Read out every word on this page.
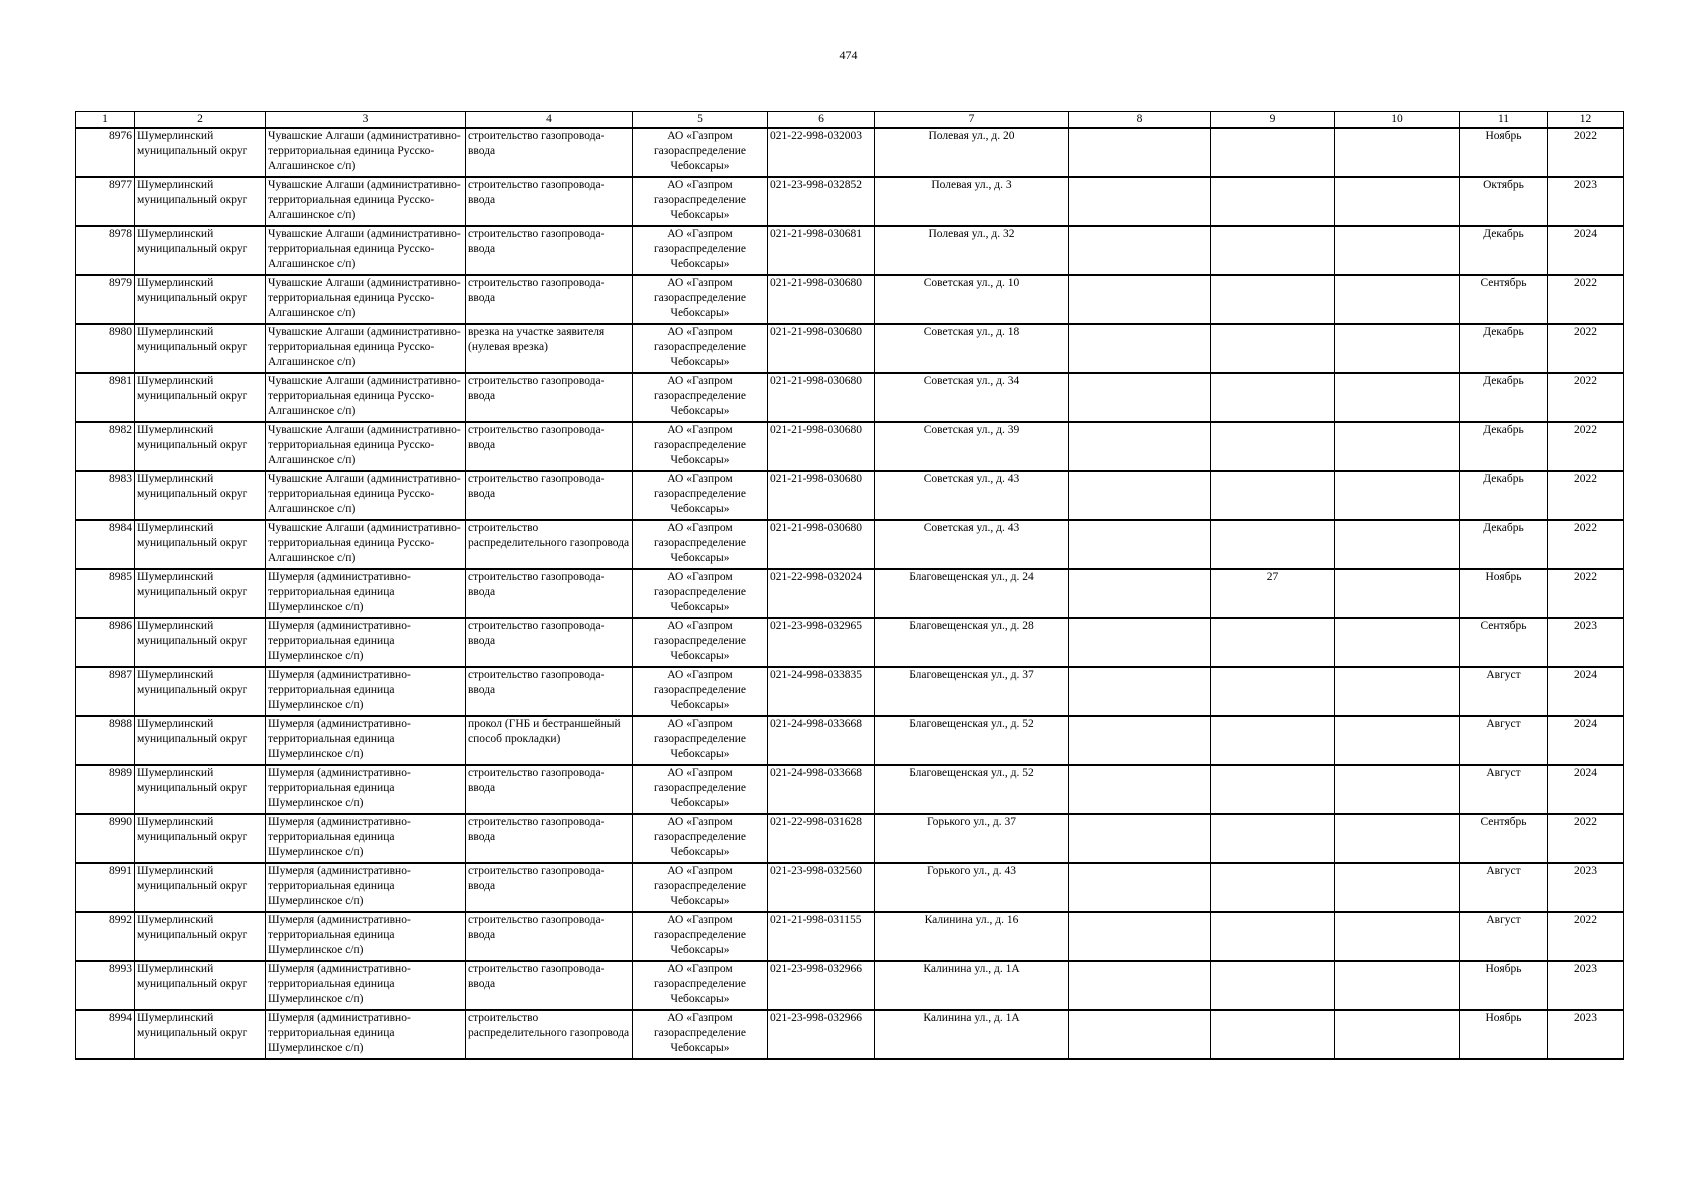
474
1	2	3	4	5	6	7	8	9	10	11	12
8976	Шумерлинский муниципальный округ	Чувашские Алгаши (административно-территориальная единица Русско-Алгашинское с/п)	строительство газопровода-ввода	АО «Газпром газораспределение Чебоксары»	021-22-998-032003	Полевая ул., д. 20				Ноябрь	2022
8977	Шумерлинский муниципальный округ	Чувашские Алгаши (административно-территориальная единица Русско-Алгашинское с/п)	строительство газопровода-ввода	АО «Газпром газораспределение Чебоксары»	021-23-998-032852	Полевая ул., д. 3				Октябрь	2023
8978	Шумерлинский муниципальный округ	Чувашские Алгаши (административно-территориальная единица Русско-Алгашинское с/п)	строительство газопровода-ввода	АО «Газпром газораспределение Чебоксары»	021-21-998-030681	Полевая ул., д. 32				Декабрь	2024
8979	Шумерлинский муниципальный округ	Чувашские Алгаши (административно-территориальная единица Русско-Алгашинское с/п)	строительство газопровода-ввода	АО «Газпром газораспределение Чебоксары»	021-21-998-030680	Советская ул., д. 10				Сентябрь	2022
8980	Шумерлинский муниципальный округ	Чувашские Алгаши (административно-территориальная единица Русско-Алгашинское с/п)	врезка на участке заявителя (нулевая врезка)	АО «Газпром газораспределение Чебоксары»	021-21-998-030680	Советская ул., д. 18				Декабрь	2022
8981	Шумерлинский муниципальный округ	Чувашские Алгаши (административно-территориальная единица Русско-Алгашинское с/п)	строительство газопровода-ввода	АО «Газпром газораспределение Чебоксары»	021-21-998-030680	Советская ул., д. 34				Декабрь	2022
8982	Шумерлинский муниципальный округ	Чувашские Алгаши (административно-территориальная единица Русско-Алгашинское с/п)	строительство газопровода-ввода	АО «Газпром газораспределение Чебоксары»	021-21-998-030680	Советская ул., д. 39				Декабрь	2022
8983	Шумерлинский муниципальный округ	Чувашские Алгаши (административно-территориальная единица Русско-Алгашинское с/п)	строительство газопровода-ввода	АО «Газпром газораспределение Чебоксары»	021-21-998-030680	Советская ул., д. 43				Декабрь	2022
8984	Шумерлинский муниципальный округ	Чувашские Алгаши (административно-территориальная единица Русско-Алгашинское с/п)	строительство распределительного газопровода	АО «Газпром газораспределение Чебоксары»	021-21-998-030680	Советская ул., д. 43				Декабрь	2022
8985	Шумерлинский муниципальный округ	Шумерля (административно-территориальная единица Шумерлинское с/п)	строительство газопровода-ввода	АО «Газпром газораспределение Чебоксары»	021-22-998-032024	Благовещенская ул., д. 24		27		Ноябрь	2022
8986	Шумерлинский муниципальный округ	Шумерля (административно-территориальная единица Шумерлинское с/п)	строительство газопровода-ввода	АО «Газпром газораспределение Чебоксары»	021-23-998-032965	Благовещенская ул., д. 28				Сентябрь	2023
8987	Шумерлинский муниципальный округ	Шумерля (административно-территориальная единица Шумерлинское с/п)	строительство газопровода-ввода	АО «Газпром газораспределение Чебоксары»	021-24-998-033835	Благовещенская ул., д. 37				Август	2024
8988	Шумерлинский муниципальный округ	Шумерля (административно-территориальная единица Шумерлинское с/п)	прокол (ГНБ и бестраншейный способ прокладки)	АО «Газпром газораспределение Чебоксары»	021-24-998-033668	Благовещенская ул., д. 52				Август	2024
8989	Шумерлинский муниципальный округ	Шумерля (административно-территориальная единица Шумерлинское с/п)	строительство газопровода-ввода	АО «Газпром газораспределение Чебоксары»	021-24-998-033668	Благовещенская ул., д. 52				Август	2024
8990	Шумерлинский муниципальный округ	Шумерля (административно-территориальная единица Шумерлинское с/п)	строительство газопровода-ввода	АО «Газпром газораспределение Чебоксары»	021-22-998-031628	Горького ул., д. 37				Сентябрь	2022
8991	Шумерлинский муниципальный округ	Шумерля (административно-территориальная единица Шумерлинское с/п)	строительство газопровода-ввода	АО «Газпром газораспределение Чебоксары»	021-23-998-032560	Горького ул., д. 43				Август	2023
8992	Шумерлинский муниципальный округ	Шумерля (административно-территориальная единица Шумерлинское с/п)	строительство газопровода-ввода	АО «Газпром газораспределение Чебоксары»	021-21-998-031155	Калинина ул., д. 16				Август	2022
8993	Шумерлинский муниципальный округ	Шумерля (административно-территориальная единица Шумерлинское с/п)	строительство газопровода-ввода	АО «Газпром газораспределение Чебоксары»	021-23-998-032966	Калинина ул., д. 1А				Ноябрь	2023
8994	Шумерлинский муниципальный округ	Шумерля (административно-территориальная единица Шумерлинское с/п)	строительство распределительного газопровода	АО «Газпром газораспределение Чебоксары»	021-23-998-032966	Калинина ул., д. 1А				Ноябрь	2023
